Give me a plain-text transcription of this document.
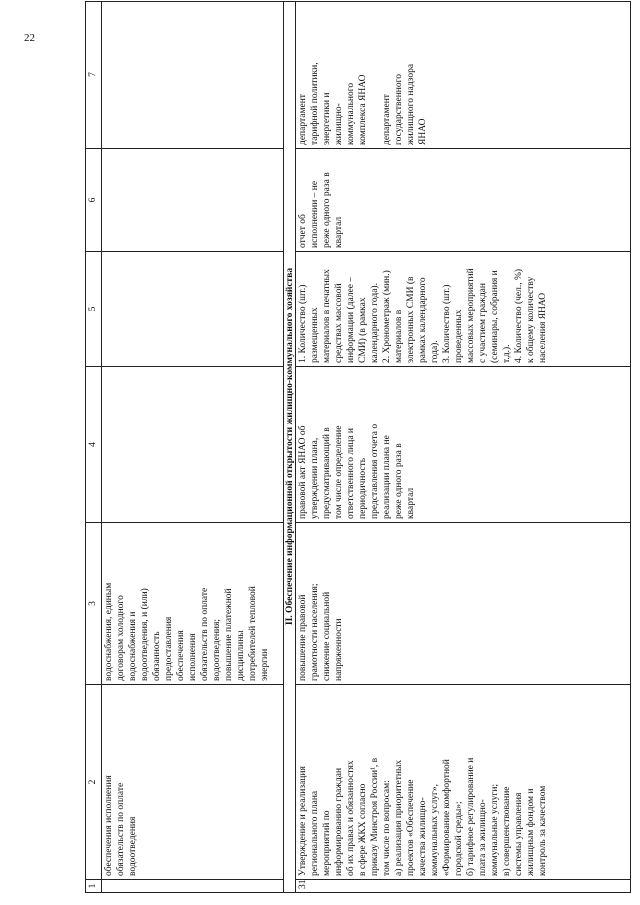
22
1
2
3
4
5
6
7
обеспечения исполнения
обязательств по оплате
водоотведения
водоснабжения, единым
договорам холодного
водоснабжения и
водоотведения, и (или)
обязанность
предоставления
обеспечения
исполнения
обязательств по оплате
водоотведения;
повышение платежной
дисциплины
потребителей тепловой
энергии
II. Обеспечение информационной открытости жилищно-коммунального хозяйства
31.
Утверждение и реализация
регионального плана
мероприятий по
информированию граждан
об их правах и обязанностях
в сфере ЖКХ согласно
приказу Минстроя России¹, в
том числе по вопросам:
а) реализация приоритетных
проектов «Обеспечение
качества жилищно-
коммунальных услуг»,
«Формирование комфортной
городской среды»;
б) тарифное регулирование и
плата за жилищно-
коммунальные услуги;
в) совершенствование
системы управления
жилищным фондом и
контроль за качеством
повышение правовой
грамотности населения;
снижение социальной
напряженности
правовой акт ЯНАО об
утверждении плана,
предусматривающий в
том числе определение
ответственного лица и
периодичность
представления отчета о
реализации плана не
реже одного раза в
квартал
1. Количество (шт.)
размещенных
материалов в печатных
средствах массовой
информации (далее –
СМИ) (в рамках
календарного года).
2. Хронометраж (мин.)
материалов в
электронных СМИ (в
рамках календарного
года).
3. Количество (шт.)
проведенных
массовых мероприятий
с участием граждан
(семинары, собрания и
т.д.).
4. Количество (чел., %)
к общему количеству
населения ЯНАО
отчет об
исполнении – не
реже одного раза в
квартал
департамент
тарифной политики,
энергетики и
жилищно-
коммунального
комплекса ЯНАО

департамент
государственного
жилищного надзора
ЯНАО
